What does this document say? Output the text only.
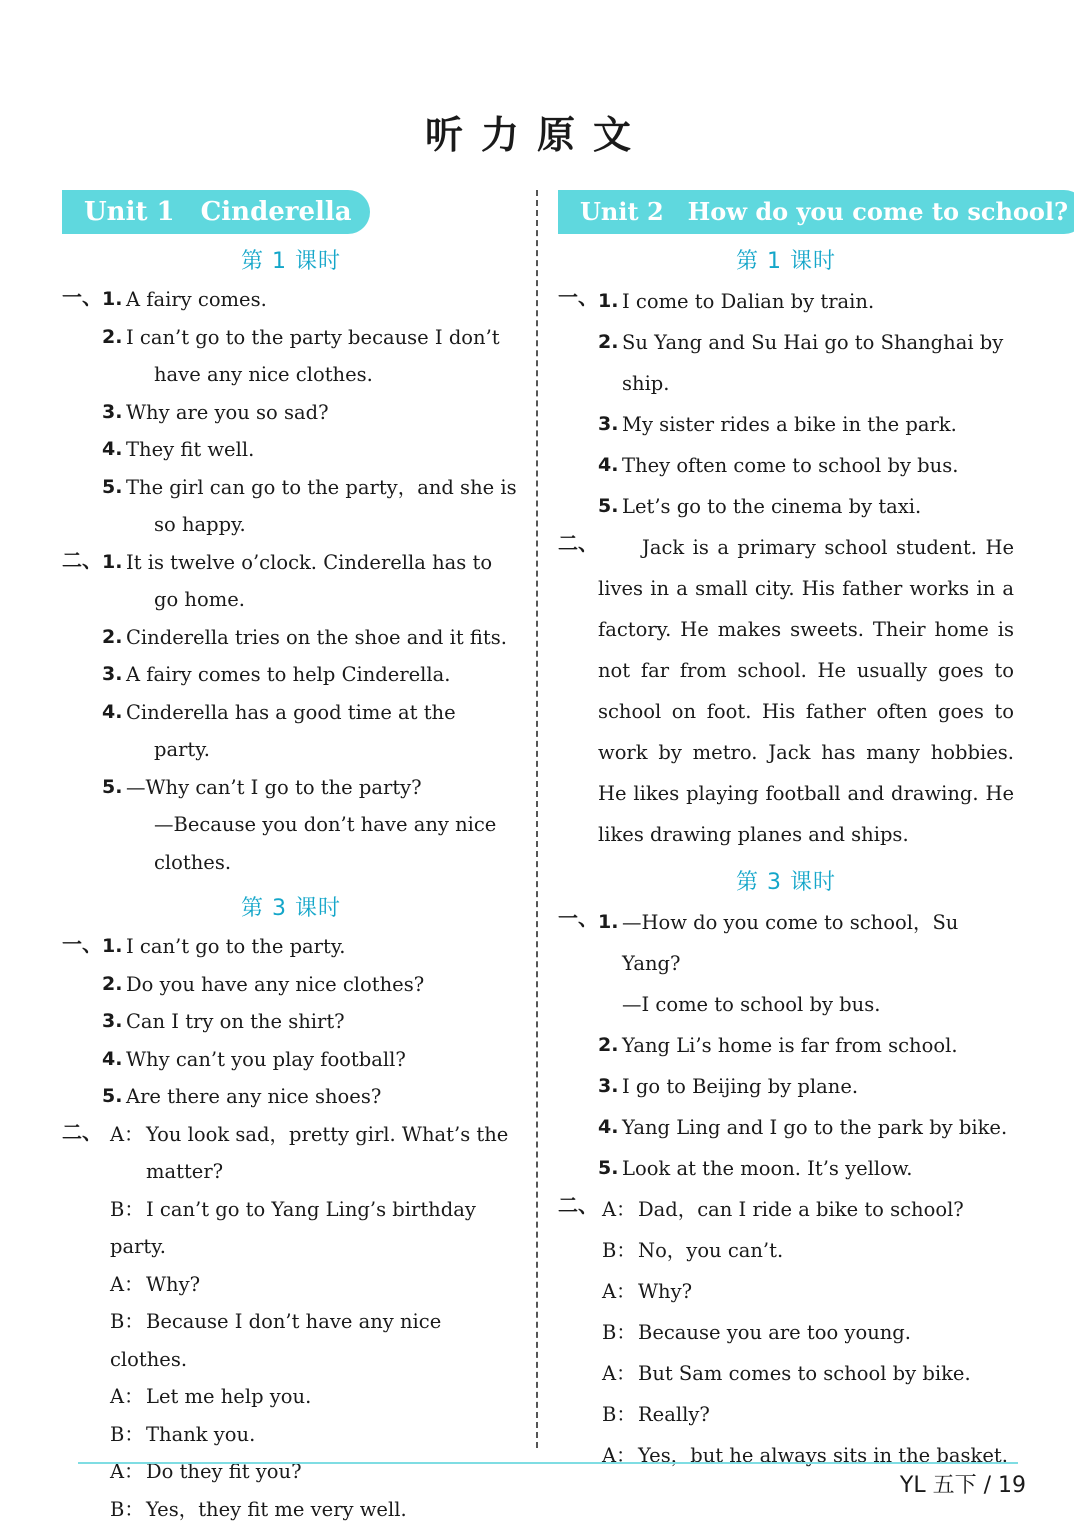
听力原文
Unit 1　Cinderella
第 1 课时
一、 1. A fairy comes.
2. I can’t go to the party because I don’t
have any nice clothes.
3. Why are you so sad?
4. They fit well.
5. The girl can go to the party，and she is
so happy.
二、 1. It is twelve o’clock. Cinderella has to
go home.
2. Cinderella tries on the shoe and it fits.
3. A fairy comes to help Cinderella.
4. Cinderella has a good time at the
party.
5. —Why can’t I go to the party?
—Because you don’t have any nice
clothes.
第 3 课时
一、 1. I can’t go to the party.
2. Do you have any nice clothes?
3. Can I try on the shirt?
4. Why can’t you play football?
5. Are there any nice shoes?
二、 A： You look sad，pretty girl. What’s the
matter?
B： I can’t go to Yang Ling’s birthday party.
A： Why?
B： Because I don’t have any nice clothes.
A： Let me help you.
B： Thank you.
A： Do they fit you?
B： Yes，they fit me very well.
Unit 2　How do you come to school?
第 1 课时
一、 1. I come to Dalian by train.
2. Su Yang and Su Hai go to Shanghai by
ship.
3. My sister rides a bike in the park.
4. They often come to school by bus.
5. Let’s go to the cinema by taxi.
二、	Jack is a primary school student. He lives in a small city. His father works in a factory. He makes sweets. Their home is not far from school. He usually goes to school on foot. His father often goes to work by metro. Jack has many hobbies. He likes playing football and drawing. He likes drawing planes and ships.
第 3 课时
一、 1. —How do you come to school，Su Yang?
—I come to school by bus.
2. Yang Li’s home is far from school.
3. I go to Beijing by plane.
4. Yang Ling and I go to the park by bike.
5. Look at the moon. It’s yellow.
二、 A： Dad，can I ride a bike to school?
B： No，you can’t.
A： Why?
B： Because you are too young.
A： But Sam comes to school by bike.
B： Really?
A： Yes，but he always sits in the basket.
YL 五下 / 19
